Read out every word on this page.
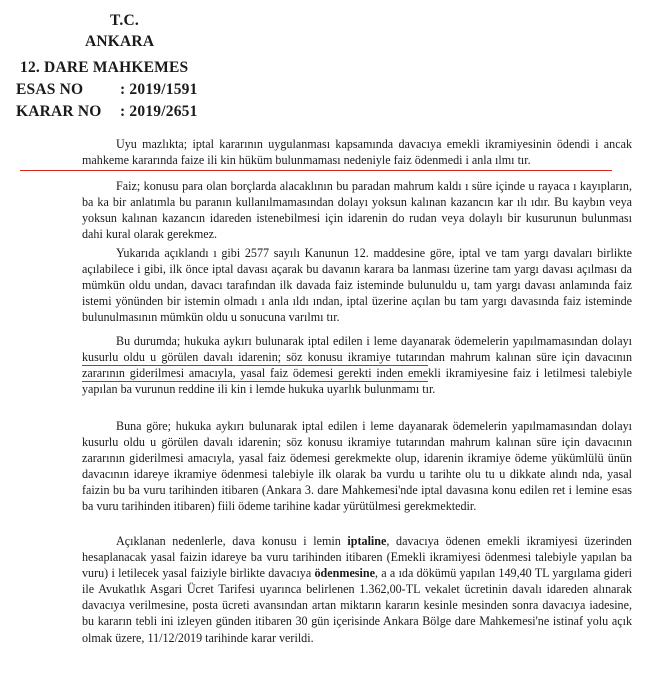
T.C.
ANKARA
12. DARE MAHKEMES
ESAS NO : 2019/1591
KARAR NO : 2019/2651
Uyu mazlıkta; iptal kararının uygulanması kapsamında davacıya emekli ikramiyesinin ödendi i ancak mahkeme kararında faize ili kin hüküm bulunmaması nedeniyle faiz ödenmedi i anla ılmı tır.
Faiz; konusu para olan borçlarda alacaklının bu paradan mahrum kaldı ı süre içinde u rayaca ı kayıpların, ba ka bir anlatımla bu paranın kullanılmamasından dolayı yoksun kalınan kazancın kar ılı ıdır. Bu kaybın veya yoksun kalınan kazancın idareden istenebilmesi için idarenin do rudan veya dolaylı bir kusurunun bulunması dahi kural olarak gerekmez.
Yukarıda açıklandı ı gibi 2577 sayılı Kanunun 12. maddesine göre, iptal ve tam yargı davaları birlikte açılabilece i gibi, ilk önce iptal davası açarak bu davanın karara ba lanması üzerine tam yargı davası açılması da mümkün oldu undan, davacı tarafından ilk davada faiz isteminde bulunuldu u, tam yargı davası anlamında faiz istemi yönünden bir istemin olmadı ı anla ıldı ından, iptal üzerine açılan bu tam yargı davasında faiz isteminde bulunulmasının mümkün oldu u sonucuna varılmı tır.
Bu durumda; hukuka aykırı bulunarak iptal edilen i leme dayanarak ödemelerin yapılmamasından dolayı kusurlu oldu u görülen davalı idarenin; söz konusu ikramiye tutarından mahrum kalınan süre için davacının zararının giderilmesi amacıyla, yasal faiz ödemesi gerekti inden emekli ikramiyesine faiz i letilmesi talebiyle yapılan ba vurunun reddine ili kin i lemde hukuka uyarlık bulunmamı tır.
Buna göre; hukuka aykırı bulunarak iptal edilen i leme dayanarak ödemelerin yapılmamasından dolayı kusurlu oldu u görülen davalı idarenin; söz konusu ikramiye tutarından mahrum kalınan süre için davacının zararının giderilmesi amacıyla, yasal faiz ödemesi gerekmekte olup, idarenin ikramiye ödeme yükümlülü ünün davacının idareye ikramiye ödenmesi talebiyle ilk olarak ba vurdu u tarihte olu tu u dikkate alındı nda, yasal faizin bu ba vuru tarihinden itibaren (Ankara 3. dare Mahkemesi'nde iptal davasına konu edilen ret i lemine esas ba vuru tarihinden itibaren) fiili ödeme tarihine kadar yürütülmesi gerekmektedir.
Açıklanan nedenlerle, dava konusu i lemin iptaline, davacıya ödenen emekli ikramiyesi üzerinden hesaplanacak yasal faizin idareye ba vuru tarihinden itibaren (Emekli ikramiyesi ödenmesi talebiyle yapılan ba vuru) i letilecek yasal faiziyle birlikte davacıya ödenmesine, a a ıda dökümü yapılan 149,40 TL yargılama gideri ile Avukatlık Asgari Ücret Tarifesi uyarınca belirlenen 1.362,00-TL vekalet ücretinin davalı idareden alınarak davacıya verilmesine, posta ücreti avansından artan miktarın kararın kesinle mesinden sonra davacıya iadesine, bu kararın tebli ini izleyen günden itibaren 30 gün içerisinde Ankara Bölge dare Mahkemesi'ne istinaf yolu açık olmak üzere, 11/12/2019 tarihinde karar verildi.
